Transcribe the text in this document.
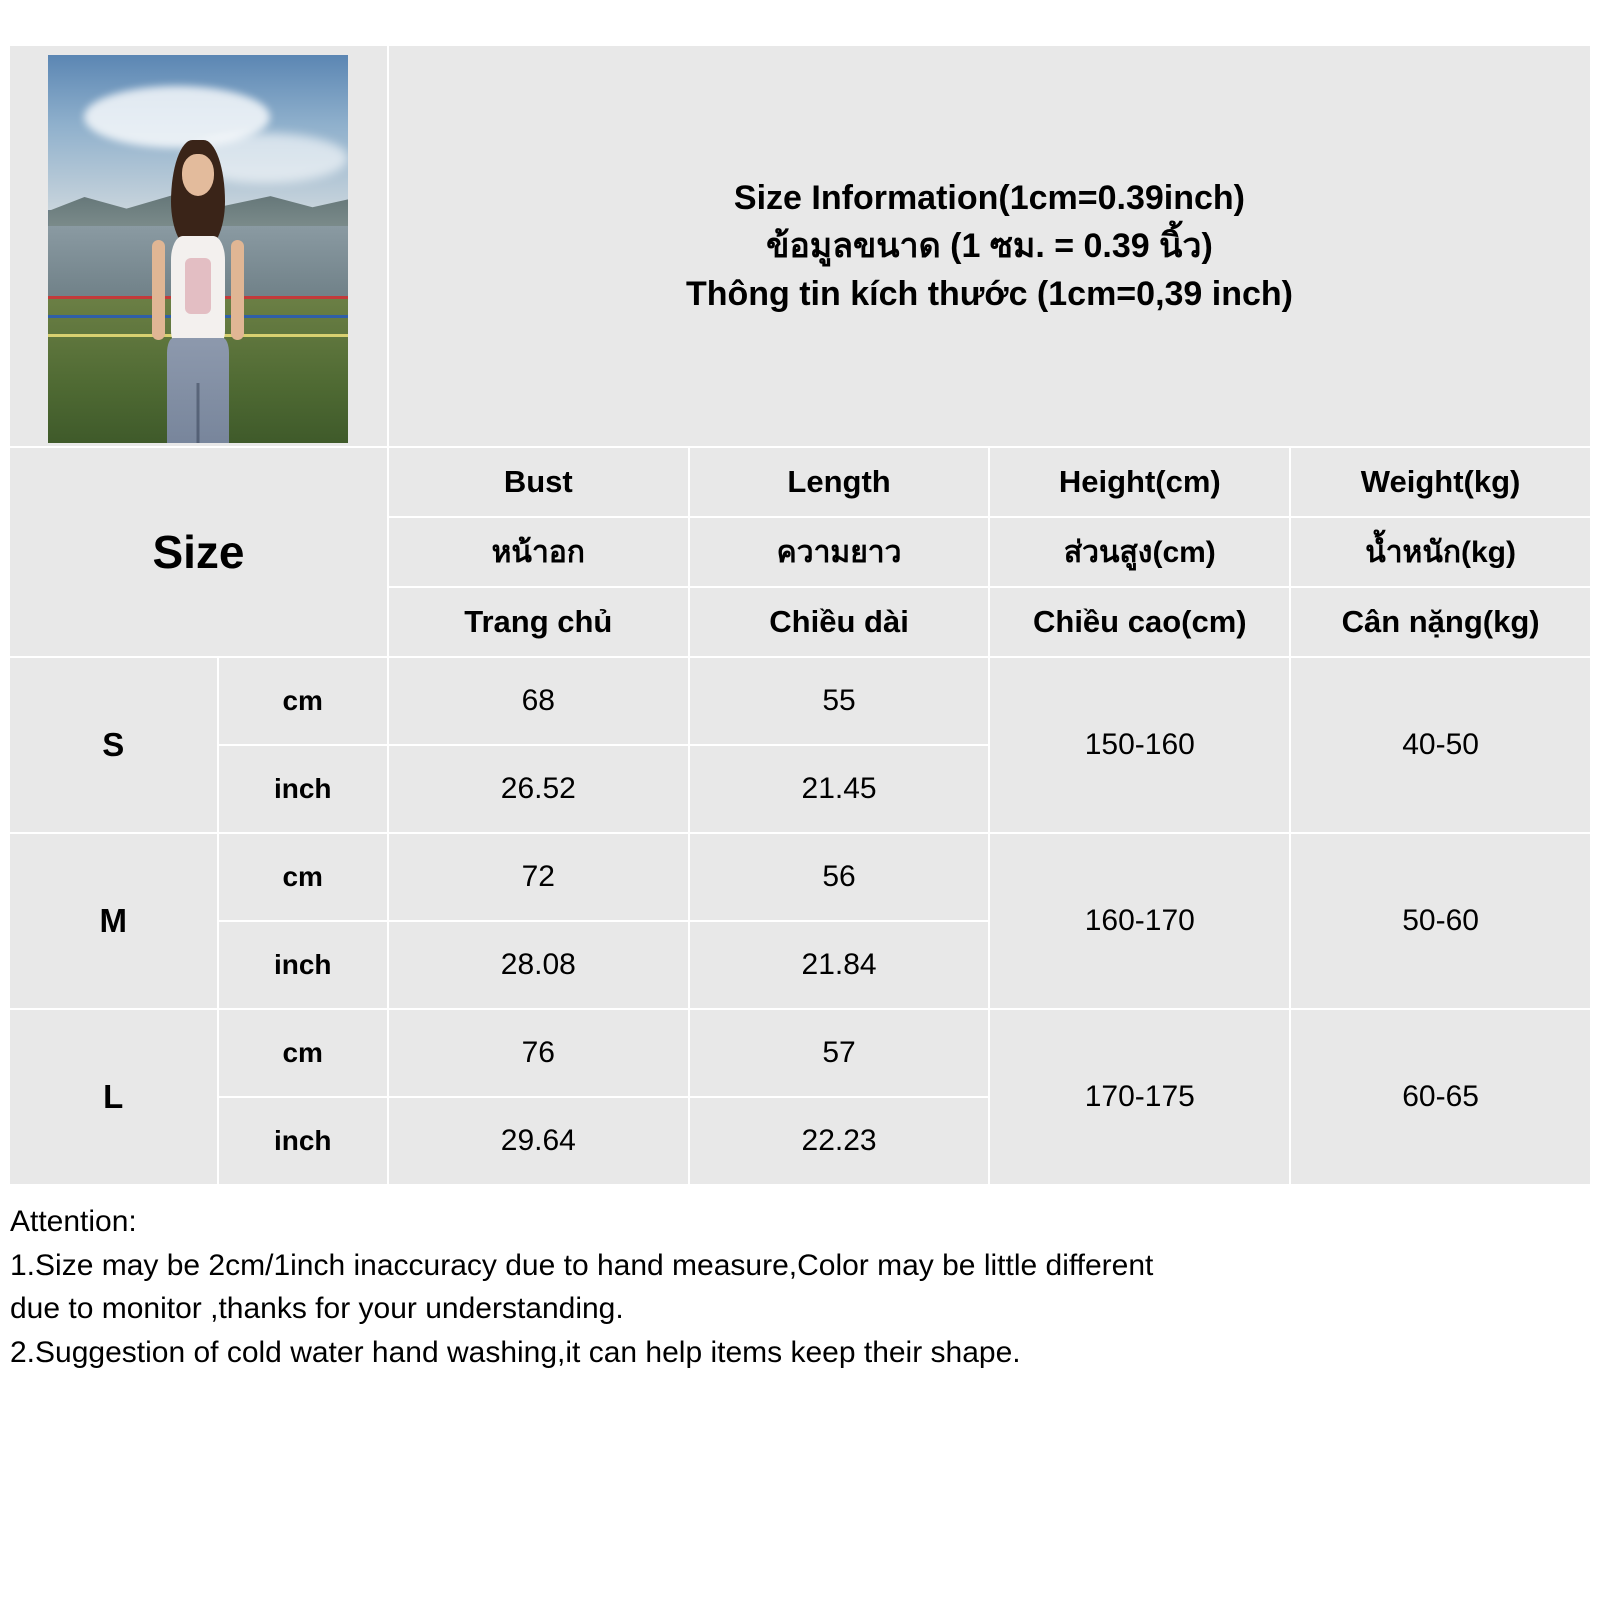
		Size Information(1cm=0.39inch)
ข้อมูลขนาด (1 ซม. = 0.39 นิ้ว)
Thông tin kích thước (1cm=0,39 inch)			

Size		Bust	Length	Height(cm)	Weight(kg)
		หน้าอก	ความยาว	ส่วนสูง(cm)	น้ำหนัก(kg)
		Trang chủ	Chiều dài	Chiều cao(cm)	Cân nặng(kg)
S	cm	68	55	150-160	40-50
	inch	26.52	21.45		
M	cm	72	56	160-170	50-60
	inch	28.08	21.84		
L	cm	76	57	170-175	60-65
	inch	29.64	22.23		
Attention:
1.Size may be 2cm/1inch inaccuracy due to hand measure,Color may be little different
due to monitor ,thanks for your understanding.
2.Suggestion of cold water hand washing,it can help items keep their shape.
